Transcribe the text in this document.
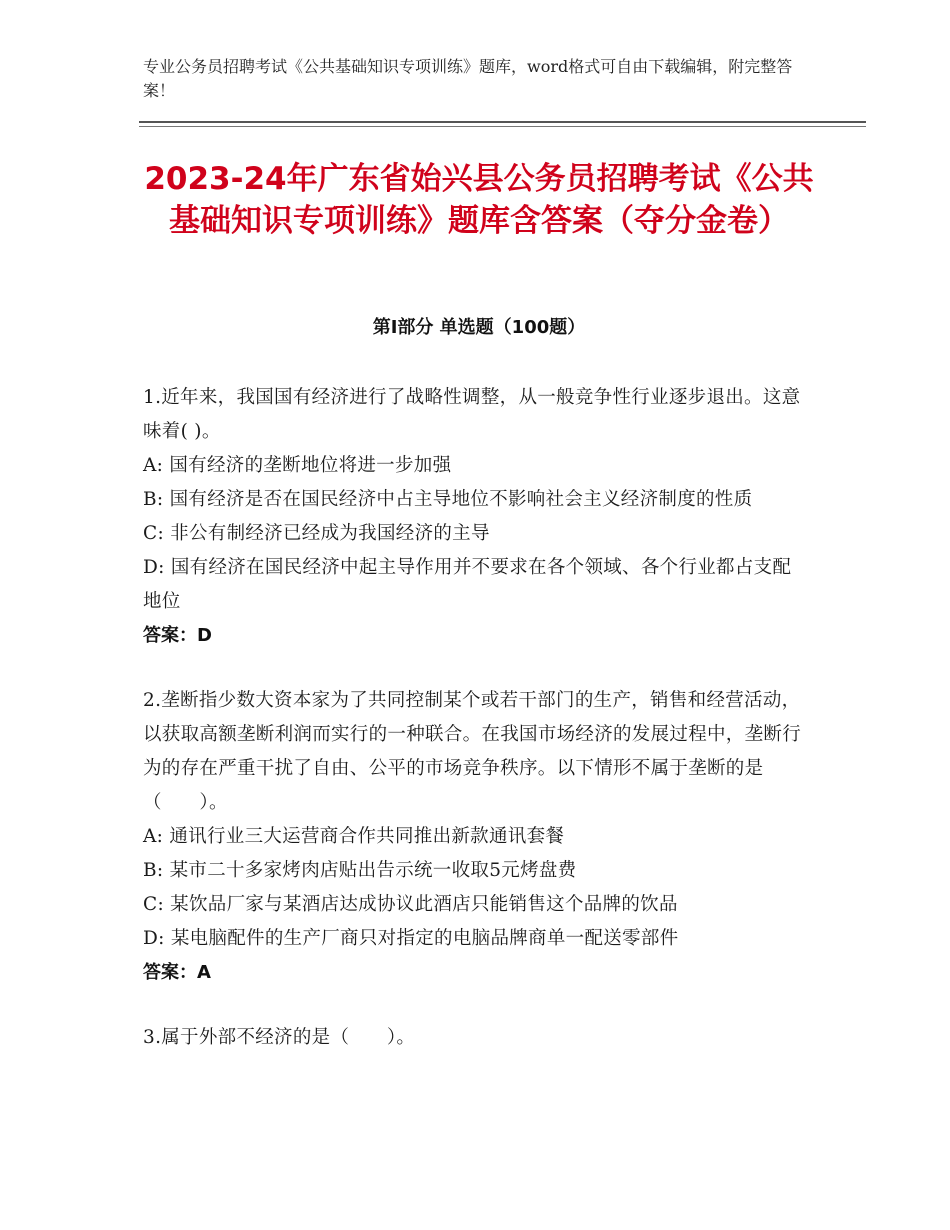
专业公务员招聘考试《公共基础知识专项训练》题库，word格式可自由下载编辑，附完整答案！
2023-24年广东省始兴县公务员招聘考试《公共基础知识专项训练》题库含答案（夺分金卷）
第Ⅰ部分 单选题（100题）
1.近年来，我国国有经济进行了战略性调整，从一般竞争性行业逐步退出。这意味着( )。
A: 国有经济的垄断地位将进一步加强
B: 国有经济是否在国民经济中占主导地位不影响社会主义经济制度的性质
C: 非公有制经济已经成为我国经济的主导
D: 国有经济在国民经济中起主导作用并不要求在各个领域、各个行业都占支配地位
答案：D
2.垄断指少数大资本家为了共同控制某个或若干部门的生产，销售和经营活动，以获取高额垄断利润而实行的一种联合。在我国市场经济的发展过程中，垄断行为的存在严重干扰了自由、公平的市场竞争秩序。以下情形不属于垄断的是（　　）。
A: 通讯行业三大运营商合作共同推出新款通讯套餐
B: 某市二十多家烤肉店贴出告示统一收取5元烤盘费
C: 某饮品厂家与某酒店达成协议此酒店只能销售这个品牌的饮品
D: 某电脑配件的生产厂商只对指定的电脑品牌商单一配送零部件
答案：A
3.属于外部不经济的是（　　）。
